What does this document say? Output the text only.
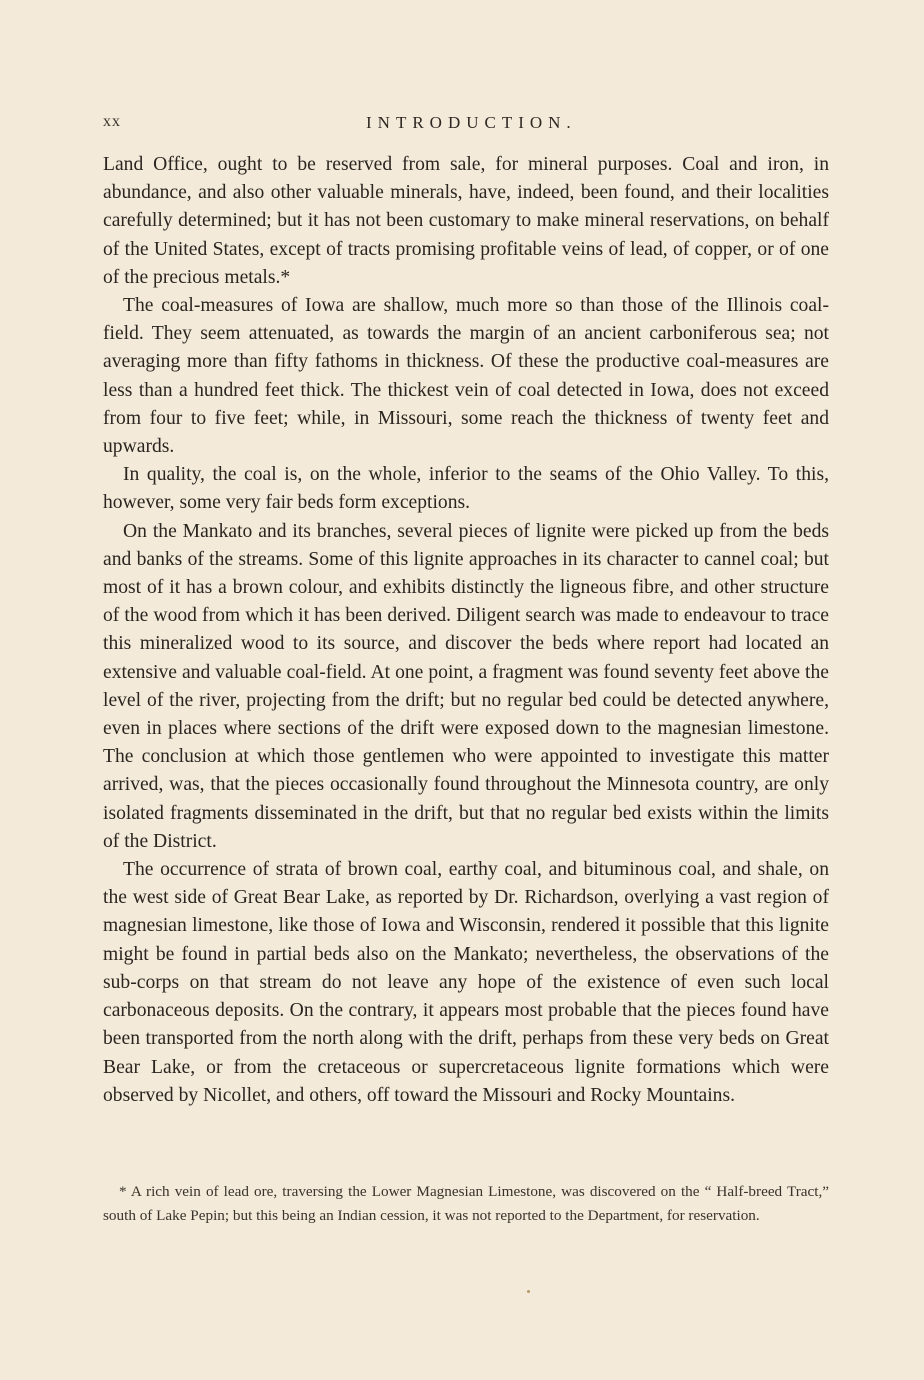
xx	INTRODUCTION.

Land Office, ought to be reserved from sale, for mineral purposes. Coal and iron, in abundance, and also other valuable minerals, have, indeed, been found, and their localities carefully determined; but it has not been customary to make mineral reservations, on behalf of the United States, except of tracts promising profitable veins of lead, of copper, or of one of the precious metals.*

The coal-measures of Iowa are shallow, much more so than those of the Illinois coal-field. They seem attenuated, as towards the margin of an ancient carboniferous sea; not averaging more than fifty fathoms in thickness. Of these the productive coal-measures are less than a hundred feet thick. The thickest vein of coal detected in Iowa, does not exceed from four to five feet; while, in Missouri, some reach the thickness of twenty feet and upwards.

In quality, the coal is, on the whole, inferior to the seams of the Ohio Valley. To this, however, some very fair beds form exceptions.

On the Mankato and its branches, several pieces of lignite were picked up from the beds and banks of the streams. Some of this lignite approaches in its character to cannel coal; but most of it has a brown colour, and exhibits distinctly the ligneous fibre, and other structure of the wood from which it has been derived. Diligent search was made to endeavour to trace this mineralized wood to its source, and discover the beds where report had located an extensive and valuable coal-field. At one point, a fragment was found seventy feet above the level of the river, projecting from the drift; but no regular bed could be detected anywhere, even in places where sections of the drift were exposed down to the magnesian limestone. The conclusion at which those gentlemen who were appointed to investigate this matter arrived, was, that the pieces occasionally found throughout the Minnesota country, are only isolated fragments disseminated in the drift, but that no regular bed exists within the limits of the District.

The occurrence of strata of brown coal, earthy coal, and bituminous coal, and shale, on the west side of Great Bear Lake, as reported by Dr. Richardson, overlying a vast region of magnesian limestone, like those of Iowa and Wisconsin, rendered it possible that this lignite might be found in partial beds also on the Mankato; nevertheless, the observations of the sub-corps on that stream do not leave any hope of the existence of even such local carbonaceous deposits. On the contrary, it appears most probable that the pieces found have been transported from the north along with the drift, perhaps from these very beds on Great Bear Lake, or from the cretaceous or supercretaceous lignite formations which were observed by Nicollet, and others, off toward the Missouri and Rocky Mountains.

* A rich vein of lead ore, traversing the Lower Magnesian Limestone, was discovered on the “ Half-breed Tract,” south of Lake Pepin; but this being an Indian cession, it was not reported to the Department, for reservation.
